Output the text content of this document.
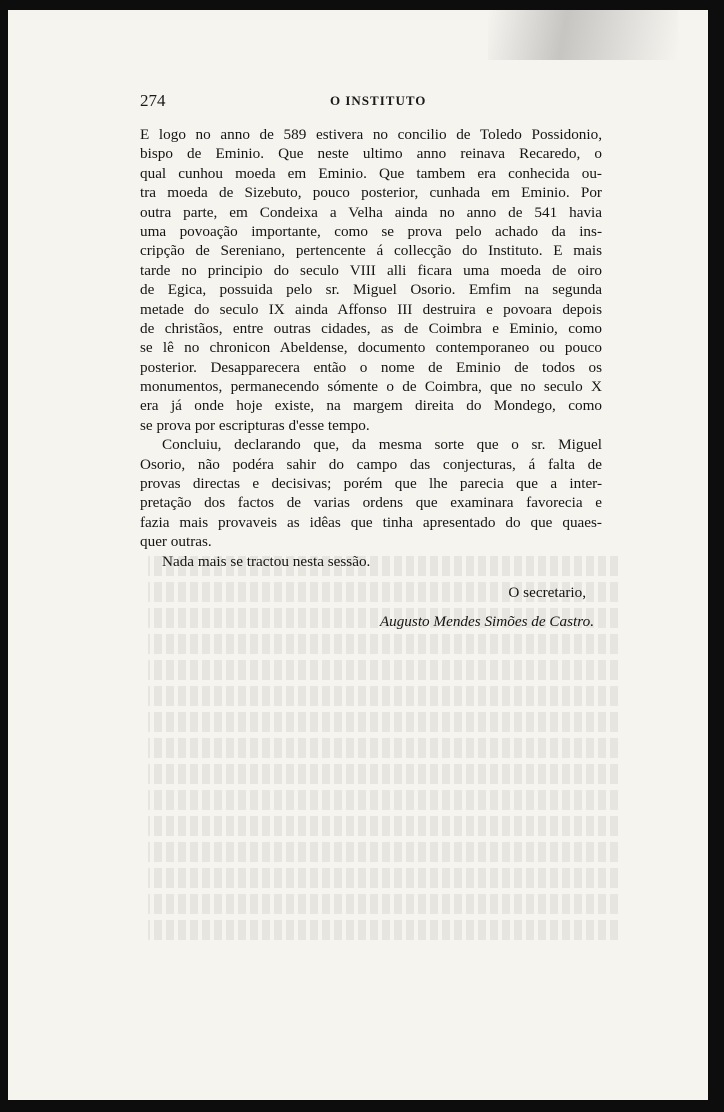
274	O INSTITUTO
E logo no anno de 589 estivera no concilio de Toledo Possidonio,
bispo de Eminio. Que neste ultimo anno reinava Recaredo, o
qual cunhou moeda em Eminio. Que tambem era conhecida ou-
tra moeda de Sizebuto, pouco posterior, cunhada em Eminio. Por
outra parte, em Condeixa a Velha ainda no anno de 541 havia
uma povoação importante, como se prova pelo achado da ins-
cripção de Sereniano, pertencente á collecção do Instituto. E mais
tarde no principio do seculo VIII alli ficara uma moeda de oiro
de Egica, possuida pelo sr. Miguel Osorio. Emfim na segunda
metade do seculo IX ainda Affonso III destruira e povoara depois
de christãos, entre outras cidades, as de Coimbra e Eminio, como
se lê no chronicon Abeldense, documento contemporaneo ou pouco
posterior. Desapparecera então o nome de Eminio de todos os
monumentos, permanecendo sómente o de Coimbra, que no seculo X
era já onde hoje existe, na margem direita do Mondego, como
se prova por escripturas d'esse tempo.
Concluiu, declarando que, da mesma sorte que o sr. Miguel
Osorio, não podéra sahir do campo das conjecturas, á falta de
provas directas e decisivas; porém que lhe parecia que a inter-
pretação dos factos de varias ordens que examinara favorecia e
fazia mais provaveis as idêas que tinha apresentado do que quaes-
quer outras.
Nada mais se tractou nesta sessão.
O secretario,
Augusto Mendes Simões de Castro.
